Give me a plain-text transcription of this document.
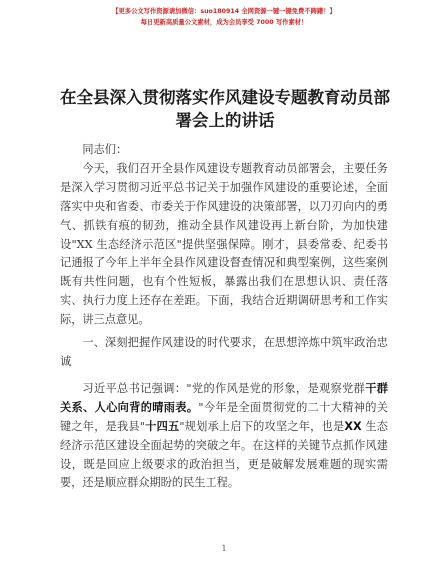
【更多公文写作资源请加微信：suo180914 全网资源一键一键免费不踌躇！】
每日更新高质量公文素材，成为会员享受 7000 写作素材！
在全县深入贯彻落实作风建设专题教育动员部署会上的讲话

同志们：

今天，我们召开全县作风建设专题教育动员部署会，主要任务是深入学习贯彻习近平总书记关于加强作风建设的重要论述，全面落实中央和省委、市委关于作风建设的决策部署，以刀刃向内的勇气、抓铁有痕的韧劲，推动全县作风建设再上新台阶，为加快建设"XX 生态经济示范区"提供坚强保障。刚才，县委常委、纪委书记通报了今年上半年全县作风建设督查情况和典型案例，这些案例既有共性问题，也有个性短板，暴露出我们在思想认识、责任落实、执行力度上还存在差距。下面，我结合近期调研思考和工作实际，讲三点意见。

一、深刻把握作风建设的时代要求，在思想淬炼中筑牢政治忠诚

习近平总书记强调："党的作风是党的形象，是观察党群干群关系、人心向背的晴雨表。"今年是全面贯彻党的二十大精神的关键之年，是我县"十四五"规划承上启下的攻坚之年，也是XX 生态经济示范区建设全面起势的突破之年。在这样的关键节点抓作风建设，既是回应上级要求的政治担当，更是破解发展难题的现实需要，还是顺应群众期盼的民生工程。

1
